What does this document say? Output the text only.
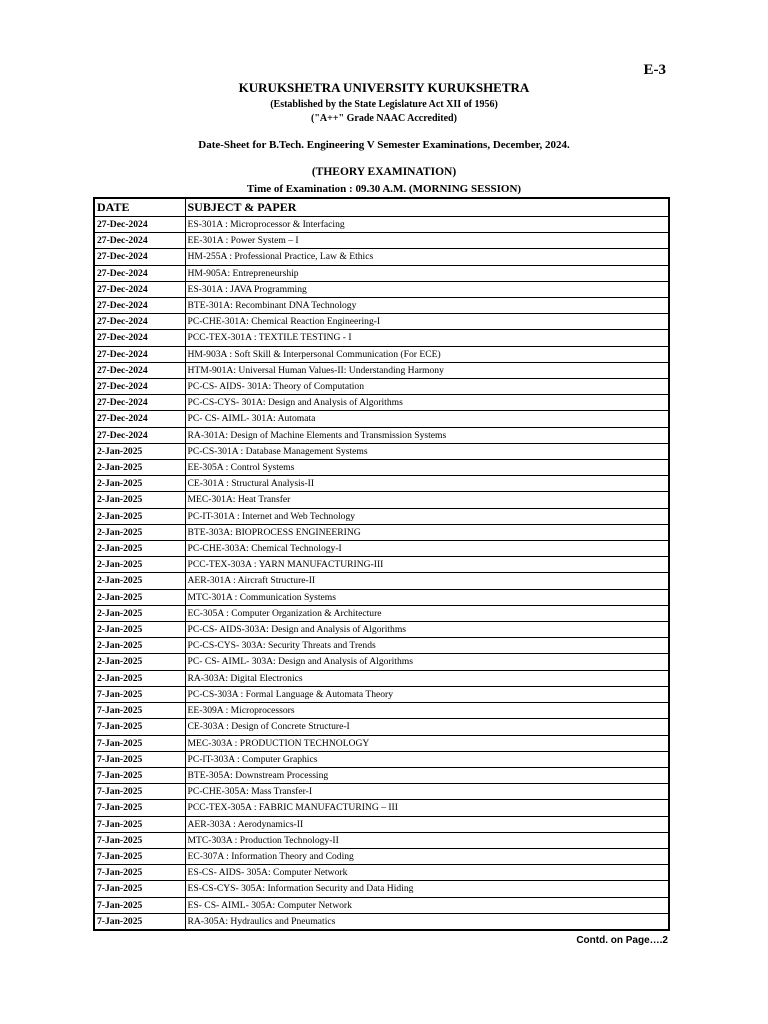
E-3
KURUKSHETRA UNIVERSITY KURUKSHETRA
(Established by the State Legislature Act XII of 1956)
("A++" Grade NAAC Accredited)
Date-Sheet for B.Tech. Engineering V Semester Examinations, December, 2024.
(THEORY EXAMINATION)
Time of Examination : 09.30 A.M. (MORNING SESSION)
DATE	SUBJECT & PAPER
27-Dec-2024	ES-301A : Microprocessor & Interfacing
27-Dec-2024	EE-301A : Power System – I
27-Dec-2024	HM-255A : Professional Practice, Law & Ethics
27-Dec-2024	HM-905A: Entrepreneurship
27-Dec-2024	ES-301A : JAVA Programming
27-Dec-2024	BTE-301A: Recombinant DNA Technology
27-Dec-2024	PC-CHE-301A: Chemical Reaction Engineering-I
27-Dec-2024	PCC-TEX-301A : TEXTILE TESTING - I
27-Dec-2024	HM-903A : Soft Skill & Interpersonal Communication (For ECE)
27-Dec-2024	HTM-901A: Universal Human Values-II: Understanding Harmony
27-Dec-2024	PC-CS- AIDS- 301A: Theory of Computation
27-Dec-2024	PC-CS-CYS- 301A: Design and Analysis of Algorithms
27-Dec-2024	PC- CS- AIML- 301A: Automata
27-Dec-2024	RA-301A: Design of Machine Elements and Transmission Systems
2-Jan-2025	PC-CS-301A : Database Management Systems
2-Jan-2025	EE-305A : Control Systems
2-Jan-2025	CE-301A : Structural Analysis-II
2-Jan-2025	MEC-301A: Heat Transfer
2-Jan-2025	PC-IT-301A : Internet and Web Technology
2-Jan-2025	BTE-303A: BIOPROCESS ENGINEERING
2-Jan-2025	PC-CHE-303A: Chemical Technology-I
2-Jan-2025	PCC-TEX-303A : YARN MANUFACTURING-III
2-Jan-2025	AER-301A : Aircraft Structure-II
2-Jan-2025	MTC-301A : Communication Systems
2-Jan-2025	EC-305A : Computer Organization & Architecture
2-Jan-2025	PC-CS- AIDS-303A: Design and Analysis of Algorithms
2-Jan-2025	PC-CS-CYS- 303A: Security Threats and Trends
2-Jan-2025	PC- CS- AIML- 303A: Design and Analysis of Algorithms
2-Jan-2025	RA-303A: Digital Electronics
7-Jan-2025	PC-CS-303A : Formal Language & Automata Theory
7-Jan-2025	EE-309A : Microprocessors
7-Jan-2025	CE-303A : Design of Concrete Structure-I
7-Jan-2025	MEC-303A : PRODUCTION TECHNOLOGY
7-Jan-2025	PC-IT-303A : Computer Graphics
7-Jan-2025	BTE-305A: Downstream Processing
7-Jan-2025	PC-CHE-305A: Mass Transfer-I
7-Jan-2025	PCC-TEX-305A : FABRIC MANUFACTURING – III
7-Jan-2025	AER-303A : Aerodynamics-II
7-Jan-2025	MTC-303A : Production Technology-II
7-Jan-2025	EC-307A : Information Theory and Coding
7-Jan-2025	ES-CS- AIDS- 305A: Computer Network
7-Jan-2025	ES-CS-CYS- 305A: Information Security and Data Hiding
7-Jan-2025	ES- CS- AIML- 305A: Computer Network
7-Jan-2025	RA-305A: Hydraulics and Pneumatics
Contd. on Page….2
